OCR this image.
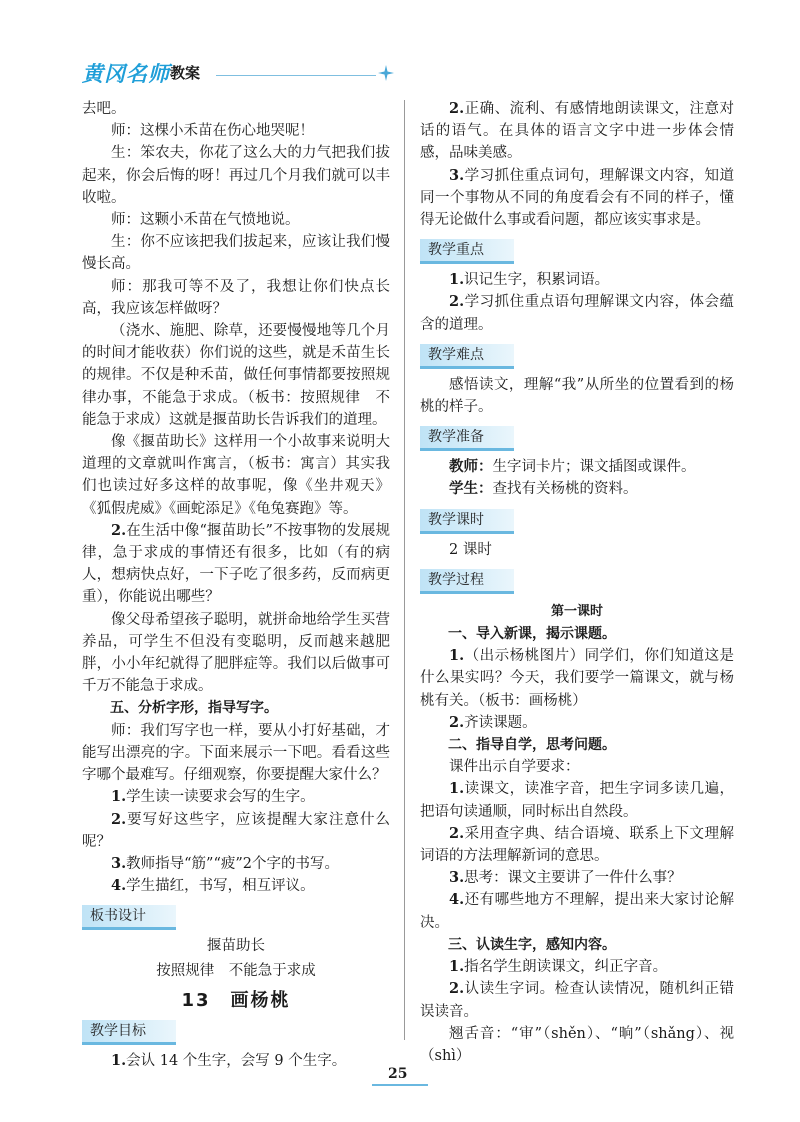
黄冈名师 教案

去吧。

师：这棵小禾苗在伤心地哭呢！

生：笨农夫，你花了这么大的力气把我们拔起来，你会后悔的呀！再过几个月我们就可以丰收啦。

师：这颗小禾苗在气愤地说。

生：你不应该把我们拔起来，应该让我们慢慢长高。

师：那我可等不及了，我想让你们快点长高，我应该怎样做呀？

（浇水、施肥、除草，还要慢慢地等几个月的时间才能收获）你们说的这些，就是禾苗生长的规律。不仅是种禾苗，做任何事情都要按照规律办事，不能急于求成。（板书：按照规律　不能急于求成）这就是揠苗助长告诉我们的道理。

像《揠苗助长》这样用一个小故事来说明大道理的文章就叫作寓言，（板书：寓言）其实我们也读过好多这样的故事呢，像《坐井观天》《狐假虎威》《画蛇添足》《龟兔赛跑》等。

2.在生活中像“揠苗助长”不按事物的发展规律，急于求成的事情还有很多，比如（有的病人，想病快点好，一下子吃了很多药，反而病更重），你能说出哪些？

像父母希望孩子聪明，就拼命地给学生买营养品，可学生不但没有变聪明，反而越来越肥胖，小小年纪就得了肥胖症等。我们以后做事可千万不能急于求成。

五、分析字形，指导写字。

师：我们写字也一样，要从小打好基础，才能写出漂亮的字。下面来展示一下吧。看看这些字哪个最难写。仔细观察，你要提醒大家什么？

1.学生读一读要求会写的生字。

2.要写好这些字，应该提醒大家注意什么呢？

3.教师指导“筋”“疲”2个字的书写。

4.学生描红，书写，相互评议。

板书设计
揠苗助长
按照规律　不能急于求成
13　画杨桃
教学目标

1.会认 14 个生字，会写 9 个生字。

2.正确、流利、有感情地朗读课文，注意对话的语气。在具体的语言文字中进一步体会情感，品味美感。

3.学习抓住重点词句，理解课文内容，知道同一个事物从不同的角度看会有不同的样子，懂得无论做什么事或看问题，都应该实事求是。

教学重点

1.识记生字，积累词语。

2.学习抓住重点语句理解课文内容，体会蕴含的道理。

教学难点

感悟读文，理解“我”从所坐的位置看到的杨桃的样子。

教学准备

教师：生字词卡片；课文插图或课件。

学生：查找有关杨桃的资料。

教学课时

2 课时

教学过程

第一课时

一、导入新课，揭示课题。

1.（出示杨桃图片）同学们，你们知道这是什么果实吗？今天，我们要学一篇课文，就与杨桃有关。（板书：画杨桃）

2.齐读课题。

二、指导自学，思考问题。

课件出示自学要求：

1.读课文，读准字音，把生字词多读几遍，把语句读通顺，同时标出自然段。

2.采用查字典、结合语境、联系上下文理解词语的方法理解新词的意思。

3.思考：课文主要讲了一件什么事？

4.还有哪些地方不理解，提出来大家讨论解决。

三、认读生字，感知内容。

1.指名学生朗读课文，纠正字音。

2.认读生字词。检查认读情况，随机纠正错误读音。

翘舌音：“审”（shěn）、“晌”（shǎng）、视（shì）

25
